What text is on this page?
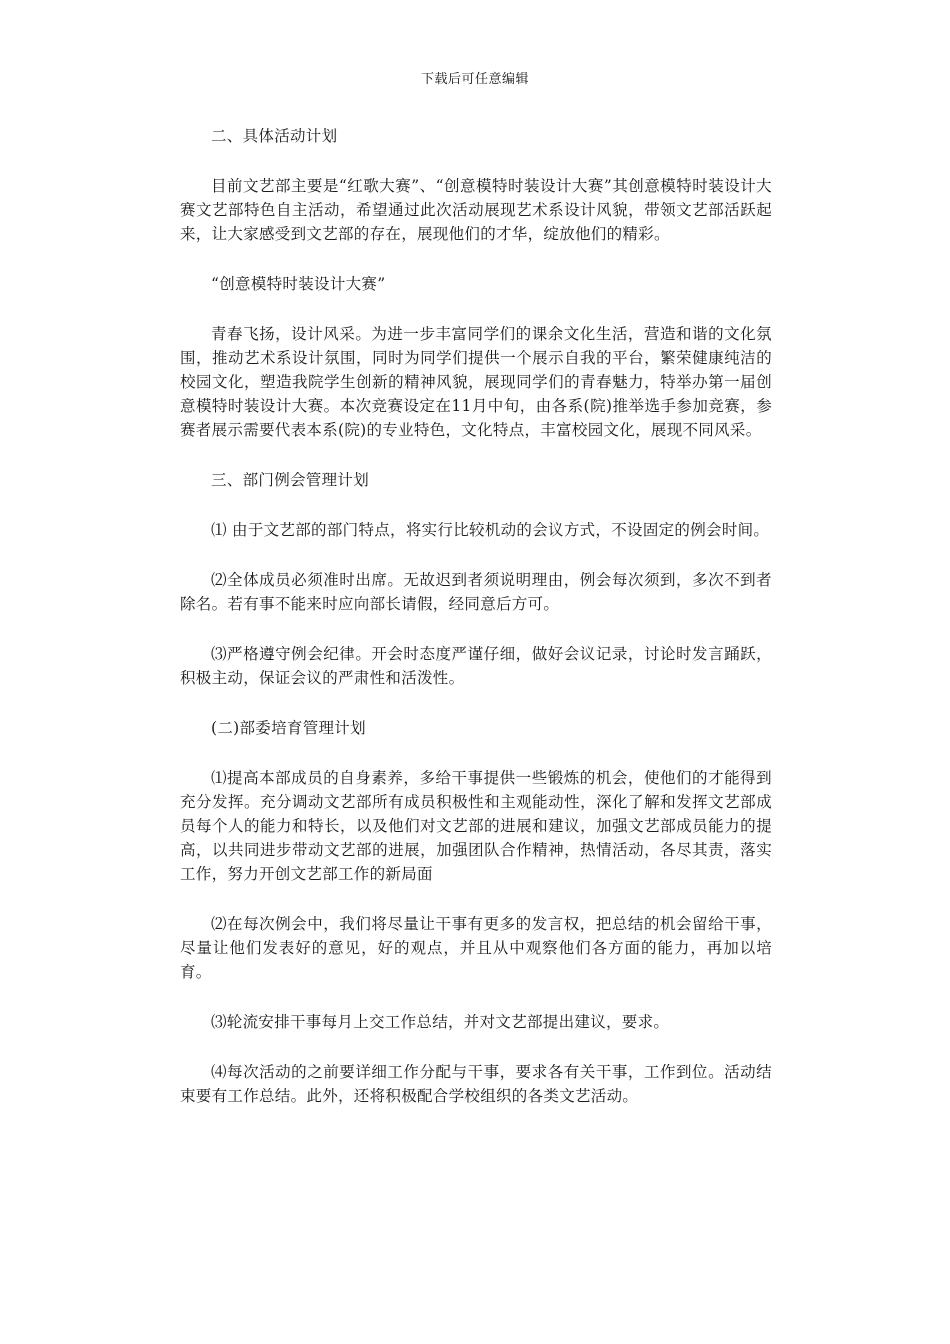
下载后可任意编辑

二、具体活动计划

目前文艺部主要是“红歌大赛”、“创意模特时装设计大赛”其创意模特时装设计大赛文艺部特色自主活动，希望通过此次活动展现艺术系设计风貌，带领文艺部活跃起来，让大家感受到文艺部的存在，展现他们的才华，绽放他们的精彩。

“创意模特时装设计大赛”

青春飞扬，设计风采。为进一步丰富同学们的课余文化生活，营造和谐的文化氛围，推动艺术系设计氛围，同时为同学们提供一个展示自我的平台，繁荣健康纯洁的校园文化，塑造我院学生创新的精神风貌，展现同学们的青春魅力，特举办第一届创意模特时装设计大赛。本次竞赛设定在11月中旬，由各系(院)推举选手参加竞赛，参赛者展示需要代表本系(院)的专业特色，文化特点，丰富校园文化，展现不同风采。

三、部门例会管理计划

⑴ 由于文艺部的部门特点，将实行比较机动的会议方式，不设固定的例会时间。

⑵全体成员必须准时出席。无故迟到者须说明理由，例会每次须到，多次不到者除名。若有事不能来时应向部长请假，经同意后方可。

⑶严格遵守例会纪律。开会时态度严谨仔细，做好会议记录，讨论时发言踊跃，积极主动，保证会议的严肃性和活泼性。

(二)部委培育管理计划

⑴提高本部成员的自身素养，多给干事提供一些锻炼的机会，使他们的才能得到充分发挥。充分调动文艺部所有成员积极性和主观能动性，深化了解和发挥文艺部成员每个人的能力和特长，以及他们对文艺部的进展和建议，加强文艺部成员能力的提高，以共同进步带动文艺部的进展，加强团队合作精神，热情活动，各尽其责，落实工作，努力开创文艺部工作的新局面

⑵在每次例会中，我们将尽量让干事有更多的发言权，把总结的机会留给干事，尽量让他们发表好的意见，好的观点，并且从中观察他们各方面的能力，再加以培育。

⑶轮流安排干事每月上交工作总结，并对文艺部提出建议，要求。

⑷每次活动的之前要详细工作分配与干事，要求各有关干事，工作到位。活动结束要有工作总结。此外，还将积极配合学校组织的各类文艺活动。
